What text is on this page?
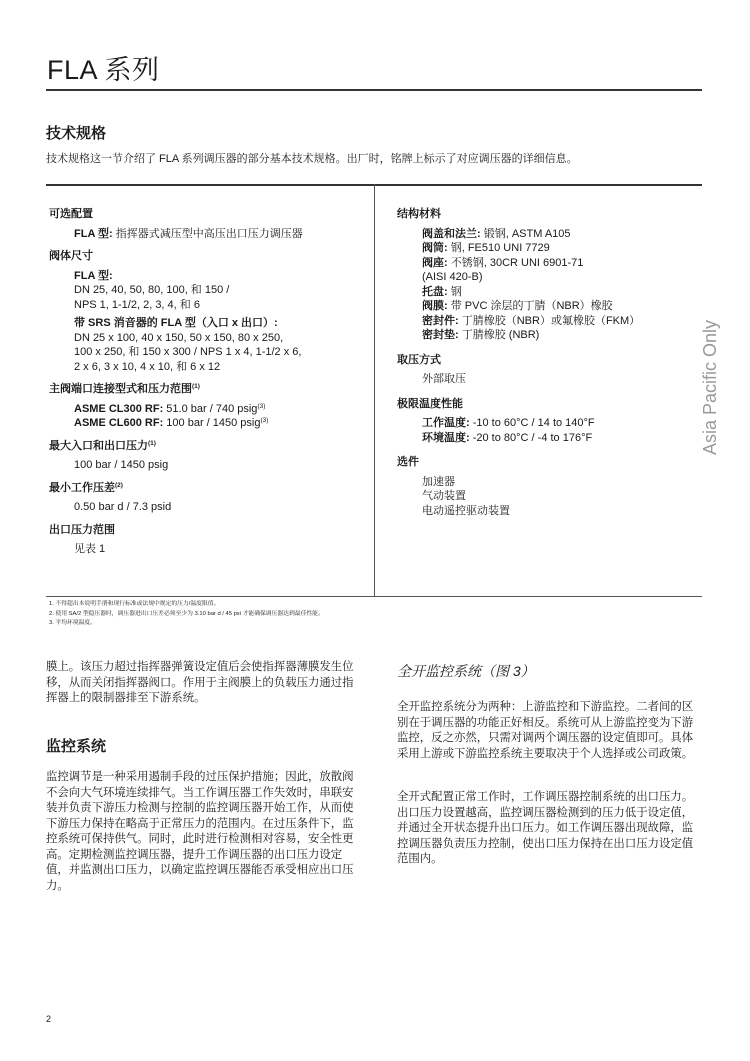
FLA 系列
技术规格
技术规格这一节介绍了 FLA 系列调压器的部分基本技术规格。出厂时，铭牌上标示了对应调压器的详细信息。
可选配置
FLA 型: 指挥器式减压型中高压出口压力调压器
阀体尺寸
FLA 型:
DN 25, 40, 50, 80, 100, 和 150 /
NPS 1, 1-1/2, 2, 3, 4, 和 6
带 SRS 消音器的 FLA 型（入口 x 出口）:
DN 25 x 100, 40 x 150, 50 x 150, 80 x 250,
100 x 250, 和 150 x 300 / NPS 1 x 4, 1-1/2 x 6,
2 x 6, 3 x 10, 4 x 10, 和 6 x 12
主阀端口连接型式和压力范围$^{(1)}$
ASME CL300 RF: 51.0 bar / 740 psig$^{(3)}$
ASME CL600 RF: 100 bar / 1450 psig$^{(3)}$
最大入口和出口压力$^{(1)}$
100 bar / 1450 psig
最小工作压差$^{(2)}$
0.50 bar d / 7.3 psid
出口压力范围
见表 1
结构材料
阀盖和法兰: 锻钢, ASTM A105
阀筒: 钢, FE510 UNI 7729
阀座: 不锈钢, 30CR UNI 6901-71
(AISI 420-B)
托盘: 钢
阀膜: 带 PVC 涂层的丁腈（NBR）橡胶
密封件: 丁腈橡胶（NBR）或氟橡胶（FKM）
密封垫: 丁腈橡胶 (NBR)
取压方式
外部取压
极限温度性能
工作温度: -10 to 60°C / 14 to 140°F
环境温度: -20 to 80°C / -4 to 176°F
选件
加速器
气动装置
电动遥控驱动装置
1. 不得超出本说明手册和现行标准或法规中规定的压力/温度限值。
2. 使用 SA/2 型稳压器时，调压器进出口压差必须至少为 3.10 bar d / 45 psi 才能确保调压器达到最佳性能。
3. 平均环境温度。
Asia Pacific Only
膜上。该压力超过指挥器弹簧设定值后会使指挥器薄膜发生位移，从而关闭指挥器阀口。作用于主阀膜上的负载压力通过指挥器上的限制器排至下游系统。
监控系统
监控调节是一种采用遏制手段的过压保护措施；因此，放散阀不会向大气环境连续排气。当工作调压器工作失效时，串联安装并负责下游压力检测与控制的监控调压器开始工作，从而使下游压力保持在略高于正常压力的范围内。在过压条件下，监控系统可保持供气。同时，此时进行检测相对容易，安全性更高。定期检测监控调压器，提升工作调压器的出口压力设定值，并监测出口压力，以确定监控调压器能否承受相应出口压力。
全开监控系统（图 3）
全开监控系统分为两种：上游监控和下游监控。二者间的区别在于调压器的功能正好相反。系统可从上游监控变为下游监控，反之亦然，只需对调两个调压器的设定值即可。具体采用上游或下游监控系统主要取决于个人选择或公司政策。
全开式配置正常工作时，工作调压器控制系统的出口压力。出口压力设置越高，监控调压器检测到的压力低于设定值，并通过全开状态提升出口压力。如工作调压器出现故障，监控调压器负责压力控制，使出口压力保持在出口压力设定值范围内。
2
